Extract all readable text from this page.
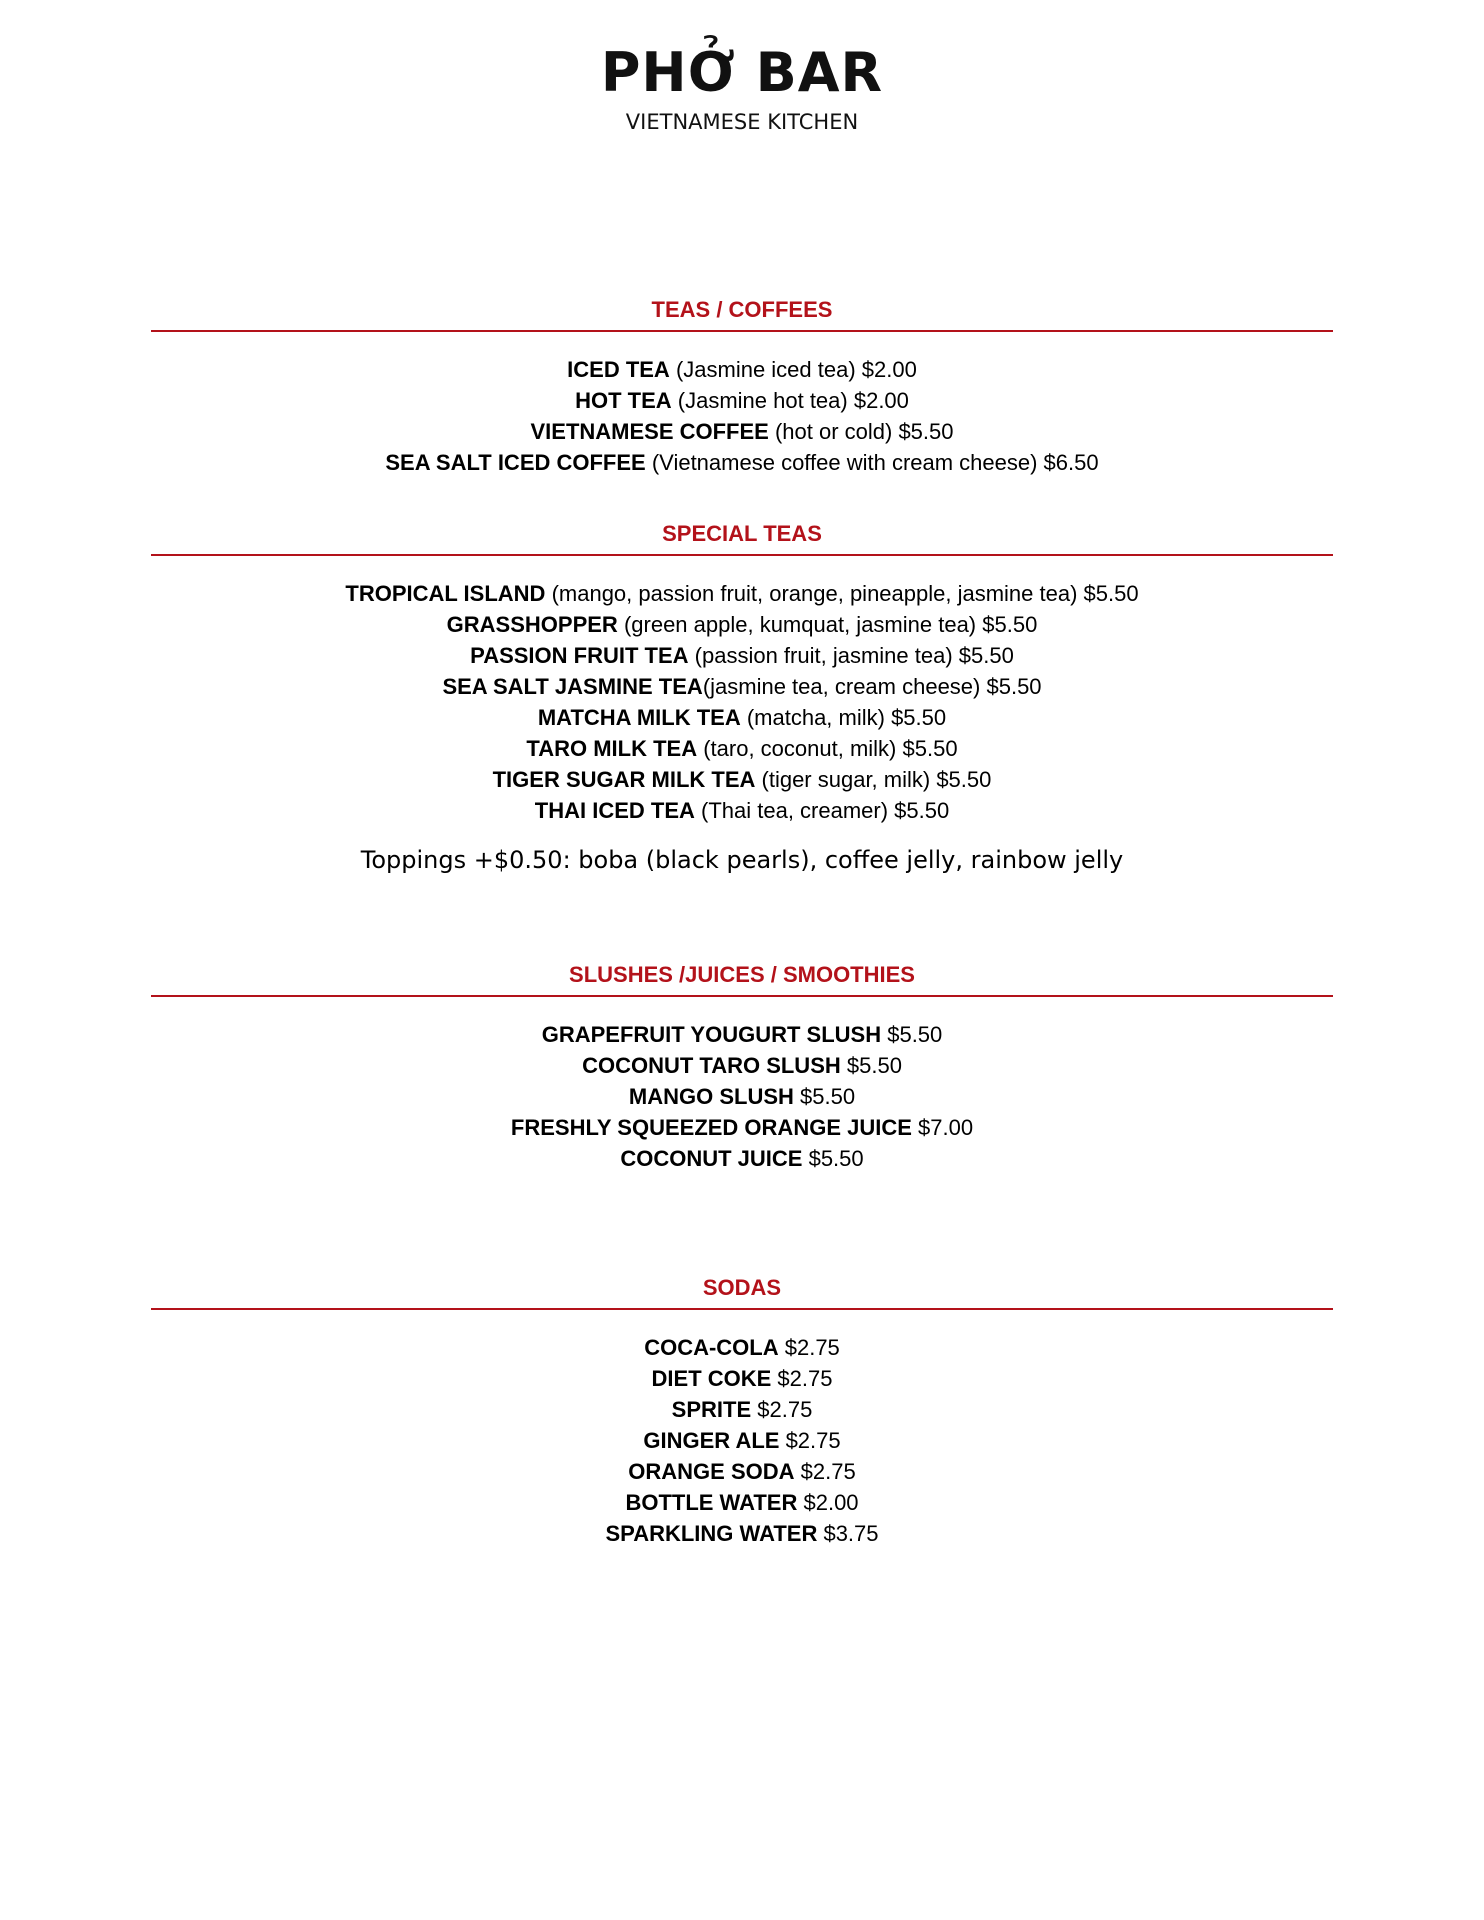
PHỞ BAR
VIETNAMESE KITCHEN
TEAS / COFFEES
ICED TEA (Jasmine iced tea) $2.00
HOT TEA (Jasmine hot tea) $2.00
VIETNAMESE COFFEE (hot or cold) $5.50
SEA SALT ICED COFFEE (Vietnamese coffee with cream cheese) $6.50
SPECIAL TEAS
TROPICAL ISLAND (mango, passion fruit, orange, pineapple, jasmine tea) $5.50
GRASSHOPPER (green apple, kumquat, jasmine tea) $5.50
PASSION FRUIT TEA (passion fruit, jasmine tea) $5.50
SEA SALT JASMINE TEA(jasmine tea, cream cheese) $5.50
MATCHA MILK TEA (matcha, milk) $5.50
TARO MILK TEA (taro, coconut, milk) $5.50
TIGER SUGAR MILK TEA (tiger sugar, milk) $5.50
THAI ICED TEA (Thai tea, creamer) $5.50
Toppings +$0.50: boba (black pearls), coffee jelly, rainbow jelly
SLUSHES /JUICES / SMOOTHIES
GRAPEFRUIT YOUGURT SLUSH $5.50
COCONUT TARO SLUSH $5.50
MANGO SLUSH $5.50
FRESHLY SQUEEZED ORANGE JUICE $7.00
COCONUT JUICE $5.50
SODAS
COCA-COLA $2.75
DIET COKE $2.75
SPRITE $2.75
GINGER ALE $2.75
ORANGE SODA $2.75
BOTTLE WATER $2.00
SPARKLING WATER $3.75
